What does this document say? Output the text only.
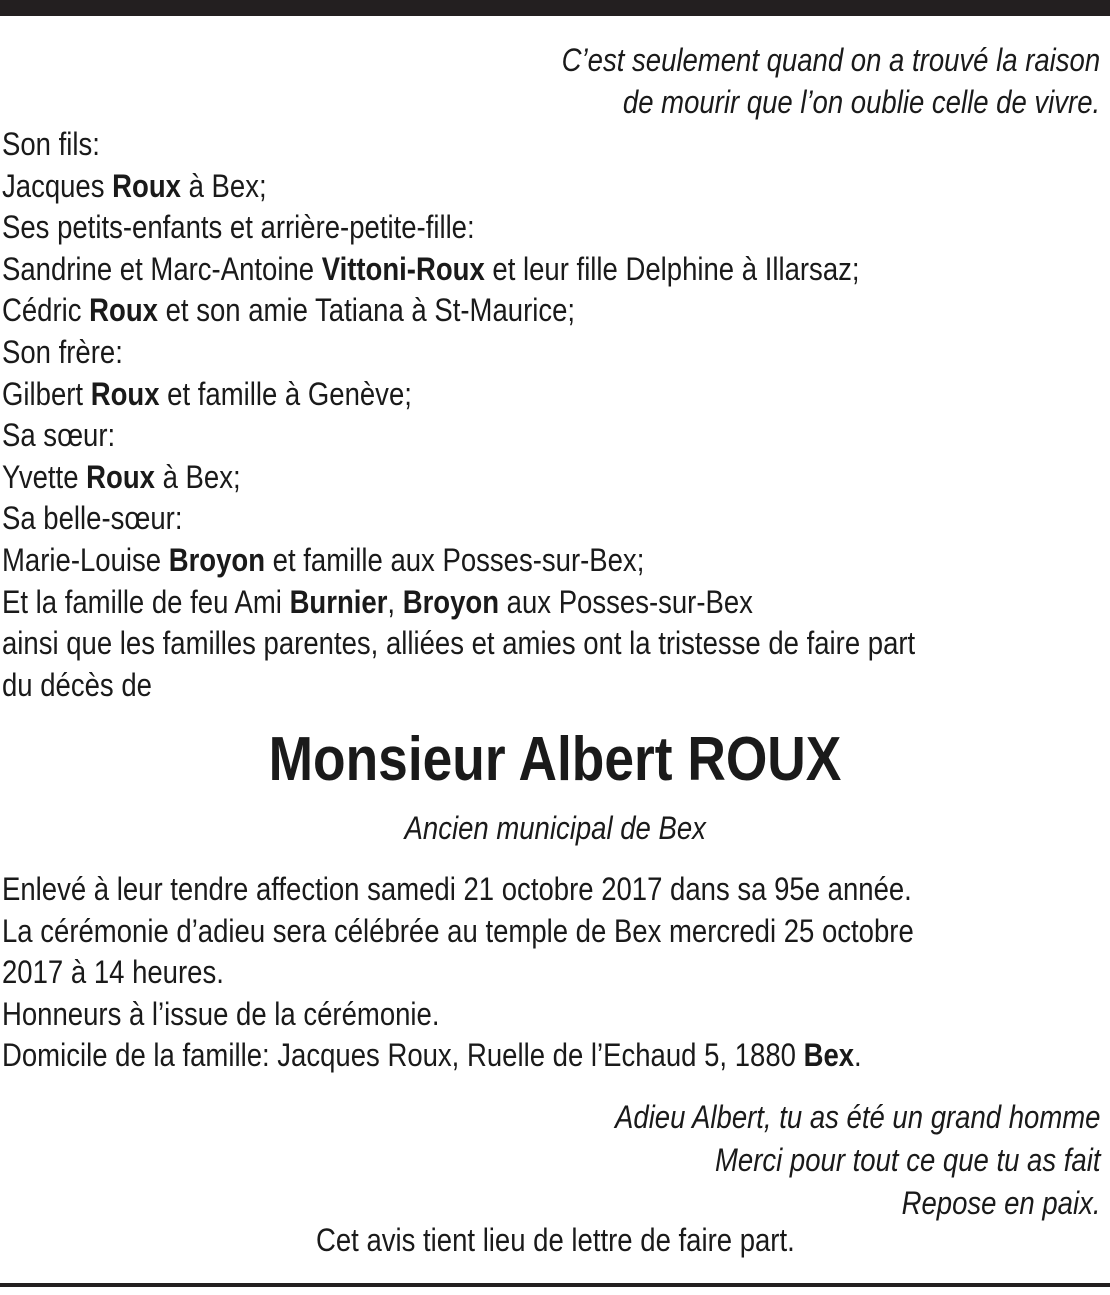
C’est seulement quand on a trouvé la raison
de mourir que l’on oublie celle de vivre.
Son fils:
Jacques Roux à Bex;
Ses petits-enfants et arrière-petite-fille:
Sandrine et Marc-Antoine Vittoni-Roux et leur fille Delphine à Illarsaz;
Cédric Roux et son amie Tatiana à St-Maurice;
Son frère:
Gilbert Roux et famille à Genève;
Sa sœur:
Yvette Roux à Bex;
Sa belle-sœur:
Marie-Louise Broyon et famille aux Posses-sur-Bex;
Et la famille de feu Ami Burnier, Broyon aux Posses-sur-Bex
ainsi que les familles parentes, alliées et amies ont la tristesse de faire part
du décès de
Monsieur Albert ROUX
Ancien municipal de Bex
Enlevé à leur tendre affection samedi 21 octobre 2017 dans sa 95e année.
La cérémonie d’adieu sera célébrée au temple de Bex mercredi 25 octobre
2017 à 14 heures.
Honneurs à l’issue de la cérémonie.
Domicile de la famille: Jacques Roux, Ruelle de l’Echaud 5, 1880 Bex.
Adieu Albert, tu as été un grand homme
Merci pour tout ce que tu as fait
Repose en paix.
Cet avis tient lieu de lettre de faire part.
